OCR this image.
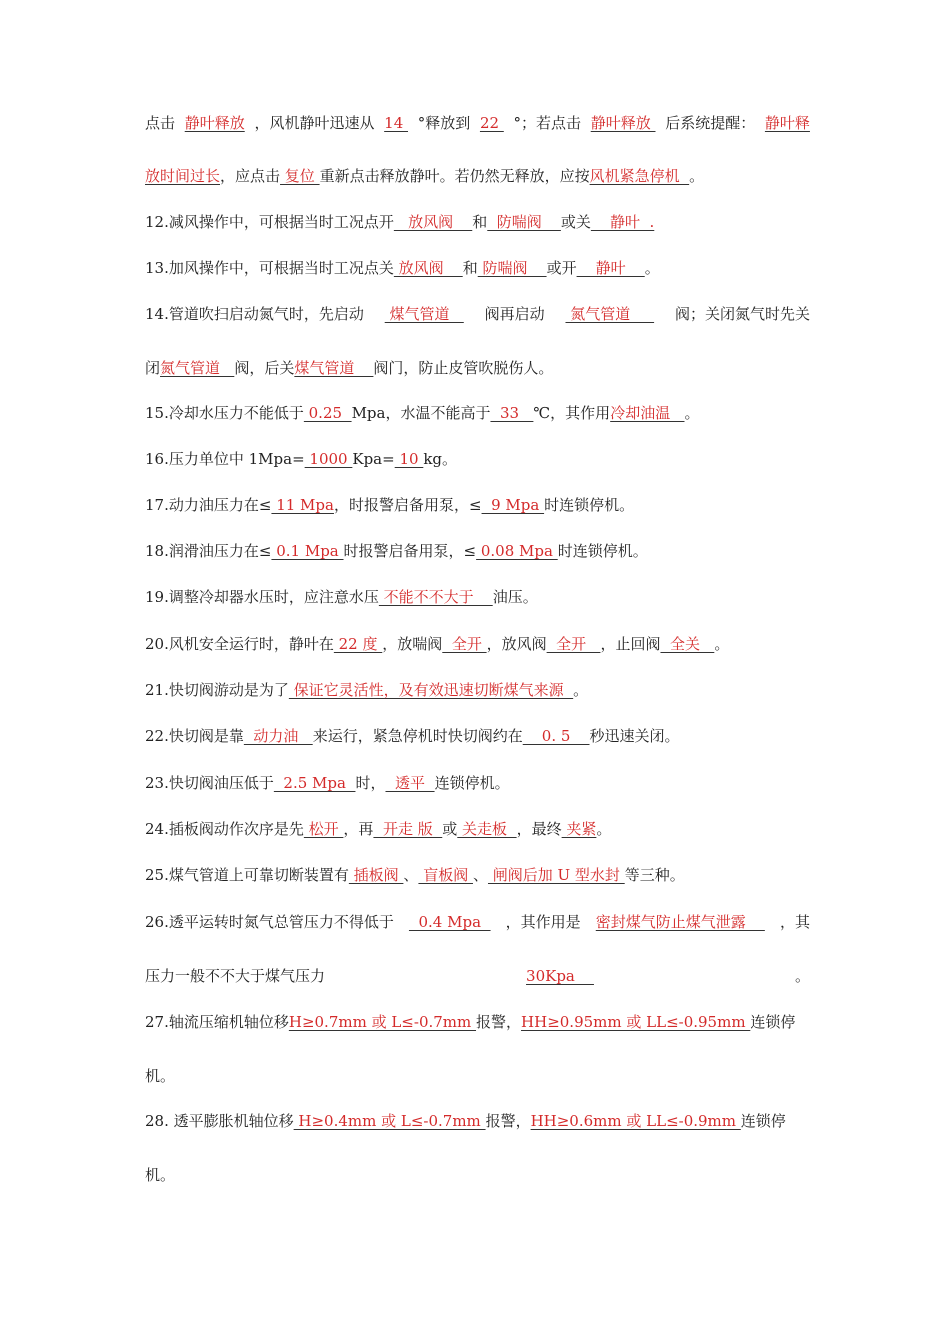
点击 静叶释放 ，风机静叶迅速从 14 °释放到 22 °；若点击 静叶释放 后系统提醒： 静叶释
放时间过长，应点击 复位 重新点击释放静叶。若仍然无释放，应按风机紧急停机  。
12.减风操作中，可根据当时工况点开   放风阀    和  防喘阀    或关    静叶  .
13.加风操作中，可根据当时工况点关 放风阀    和 防喘阀    或开    静叶    。
14.管道吹扫启动氮气时，先启动 煤气管道 阀再启动 氮气管道 阀；关闭氮气时先关
闭氮气管道   阀，后关煤气管道    阀门，防止皮管吹脱伤人。
15.冷却水压力不能低于 0.25  Mpa，水温不能高于  33   ℃，其作用冷却油温   。
16.压力单位中 1Mpa= 1000 Kpa= 10 kg。
17.动力油压力在≤ 11 Mpa，时报警启备用泵，≤  9 Mpa 时连锁停机。
18.润滑油压力在≤ 0.1 Mpa 时报警启备用泵，≤ 0.08 Mpa 时连锁停机。
19.调整冷却器水压时，应注意水压 不能不不大于    油压。
20.风机安全运行时，静叶在 22 度 ，放喘阀  全开 ，放风阀  全开   ，止回阀  全关   。
21.快切阀游动是为了 保证它灵活性，及有效迅速切断煤气来源  。
22.快切阀是靠  动力油   来运行，紧急停机时快切阀约在    0. 5    秒迅速关闭。
23.快切阀油压低于  2.5 Mpa  时，  透平  连锁停机。
24.插板阀动作次序是先 松开 ，再  开走 版  或 关走板  ，最终 夹紧。
25.煤气管道上可靠切断装置有 插板阀 、 盲板阀 、 闸阀后加 U 型水封 等三种。
26.透平运转时氮气总管压力不得低于 0.4 Mpa ，其作用是 密封煤气防止煤气泄露 ，其
压力一般不不大于煤气压力	30Kpa	。
27.轴流压缩机轴位移H≥0.7mm 或 L≤-0.7mm 报警，HH≥0.95mm 或 LL≤-0.95mm 连锁停
机。
28. 透平膨胀机轴位移 H≥0.4mm 或 L≤-0.7mm 报警，HH≥0.6mm 或 LL≤-0.9mm 连锁停
机。
